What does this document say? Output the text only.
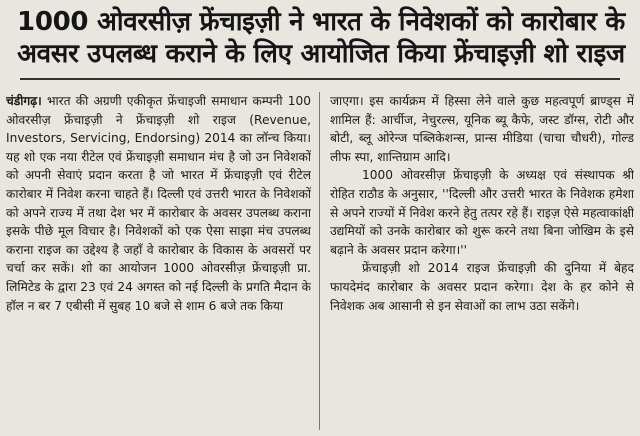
1000 ओवरसीज़ फ्रेंचाइज़ी ने भारत के निवेशकों को कारोबार के
अवसर उपलब्ध कराने के लिए आयोजित किया फ्रेंचाइज़ी शो राइज

चंडीगढ़। भारत की अग्रणी एकीकृत फ्रेंचाइजी समाधान कम्पनी 100 ओवरसीज़ फ्रेंचाइज़ी ने फ्रेंचाइज़ी शो राइज (Revenue, Investors, Servicing, Endorsing) 2014 का लॉन्च किया। यह शो एक नया रीटेल एवं फ्रेंचाइज़ी समाधान मंच है जो उन निवेशकों को अपनी सेवाएं प्रदान करता है जो भारत में फ्रेंचाइज़ी एवं रीटेल कारोबार में निवेश करना चाहते हैं। दिल्ली एवं उत्तरी भारत के निवेशकों को अपने राज्य में तथा देश भर में कारोबार के अवसर उपलब्ध कराना इसके पीछे मूल विचार है। निवेशकों को एक ऐसा साझा मंच उपलब्ध कराना राइज का उद्देश्य है जहाँ वे कारोबार के विकास के अवसरों पर चर्चा कर सकें। शो का आयोजन 1000 ओवरसीज़ फ्रेंचाइज़ी प्रा. लिमिटेड के द्वारा 23 एवं 24 अगस्त को नई दिल्ली के प्रगति मैदान के हॉल न बर 7 एबीसी में सुबह 10 बजे से शाम 6 बजे तक किया

जाएगा। इस कार्यक्रम में हिस्सा लेने वाले कुछ महत्वपूर्ण ब्राण्ड्स में शामिल हैं: आर्चीज, नेचुरल्स, यूनिक ब्यू कैफे, जस्ट डॉग्स, रोटी और बोटी, ब्लू ओरेन्ज पब्लिकेशन्स, प्रान्स मीडिया (चाचा चौधरी), गोल्ड लीफ स्पा, शान्तिग्राम आदि।

1000 ओवरसीज़ फ्रेंचाइज़ी के अध्यक्ष एवं संस्थापक श्री रोहित राठौड के अनुसार, ''दिल्ली और उत्तरी भारत के निवेशक हमेशा से अपने राज्यों में निवेश करने हेतु तत्पर रहे हैं। राइज़ ऐसे महत्वाकांक्षी उद्यमियों को उनके कारोबार को शुरू करने तथा बिना जोखिम के इसे बढ़ाने के अवसर प्रदान करेगा।''

फ्रेंचाइज़ी शो 2014 राइज फ्रेंचाइज़ी की दुनिया में बेहद फायदेमंद कारोबार के अवसर प्रदान करेगा। देश के हर कोने से निवेशक अब आसानी से इन सेवाओं का लाभ उठा सकेंगे।
